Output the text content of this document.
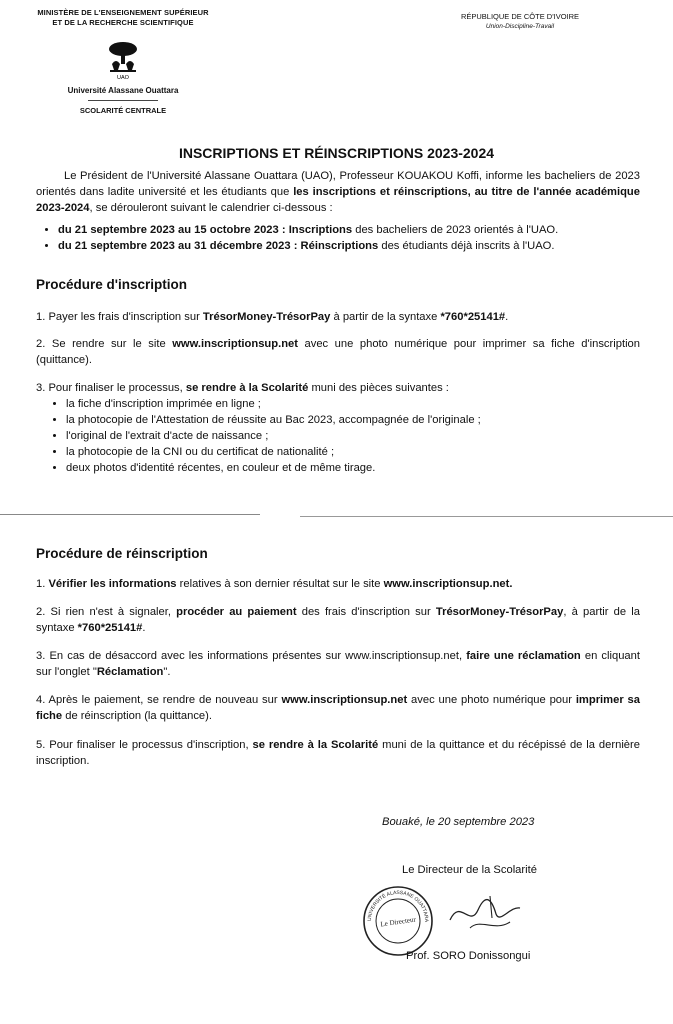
MINISTÈRE DE L'ENSEIGNEMENT SUPÉRIEUR
ET DE LA RECHERCHE SCIENTIFIQUE
UAO
Université Alassane Ouattara
SCOLARITÉ CENTRALE
RÉPUBLIQUE DE CÔTE D'IVOIRE
Union-Discipline-Travail
INSCRIPTIONS ET RÉINSCRIPTIONS 2023-2024
Le Président de l'Université Alassane Ouattara (UAO), Professeur KOUAKOU Koffi, informe les bacheliers de 2023 orientés dans ladite université et les étudiants que les inscriptions et réinscriptions, au titre de l'année académique 2023-2024, se dérouleront suivant le calendrier ci-dessous :
• du 21 septembre 2023 au 15 octobre 2023 : Inscriptions des bacheliers de 2023 orientés à l'UAO.
• du 21 septembre 2023 au 31 décembre 2023 : Réinscriptions des étudiants déjà inscrits à l'UAO.
Procédure d'inscription
1. Payer les frais d'inscription sur TrésorMoney-TrésorPay à partir de la syntaxe *760*25141#.
2. Se rendre sur le site www.inscriptionsup.net avec une photo numérique pour imprimer sa fiche d'inscription (quittance).
3. Pour finaliser le processus, se rendre à la Scolarité muni des pièces suivantes :
• la fiche d'inscription imprimée en ligne ;
• la photocopie de l'Attestation de réussite au Bac 2023, accompagnée de l'originale ;
• l'original de l'extrait d'acte de naissance ;
• la photocopie de la CNI ou du certificat de nationalité ;
• deux photos d'identité récentes, en couleur et de même tirage.
Procédure de réinscription
1. Vérifier les informations relatives à son dernier résultat sur le site www.inscriptionsup.net.
2. Si rien n'est à signaler, procéder au paiement des frais d'inscription sur TrésorMoney-TrésorPay, à partir de la syntaxe *760*25141#.
3. En cas de désaccord avec les informations présentes sur www.inscriptionsup.net, faire une réclamation en cliquant sur l'onglet "Réclamation".
4. Après le paiement, se rendre de nouveau sur www.inscriptionsup.net avec une photo numérique pour imprimer sa fiche de réinscription (la quittance).
5. Pour finaliser le processus d'inscription, se rendre à la Scolarité muni de la quittance et du récépissé de la dernière inscription.
Bouaké, le 20 septembre 2023
Le Directeur de la Scolarité
UNIVERSITÉ ALASSANE OUATTARA
Le Directeur
Prof. SORO Donissongui
